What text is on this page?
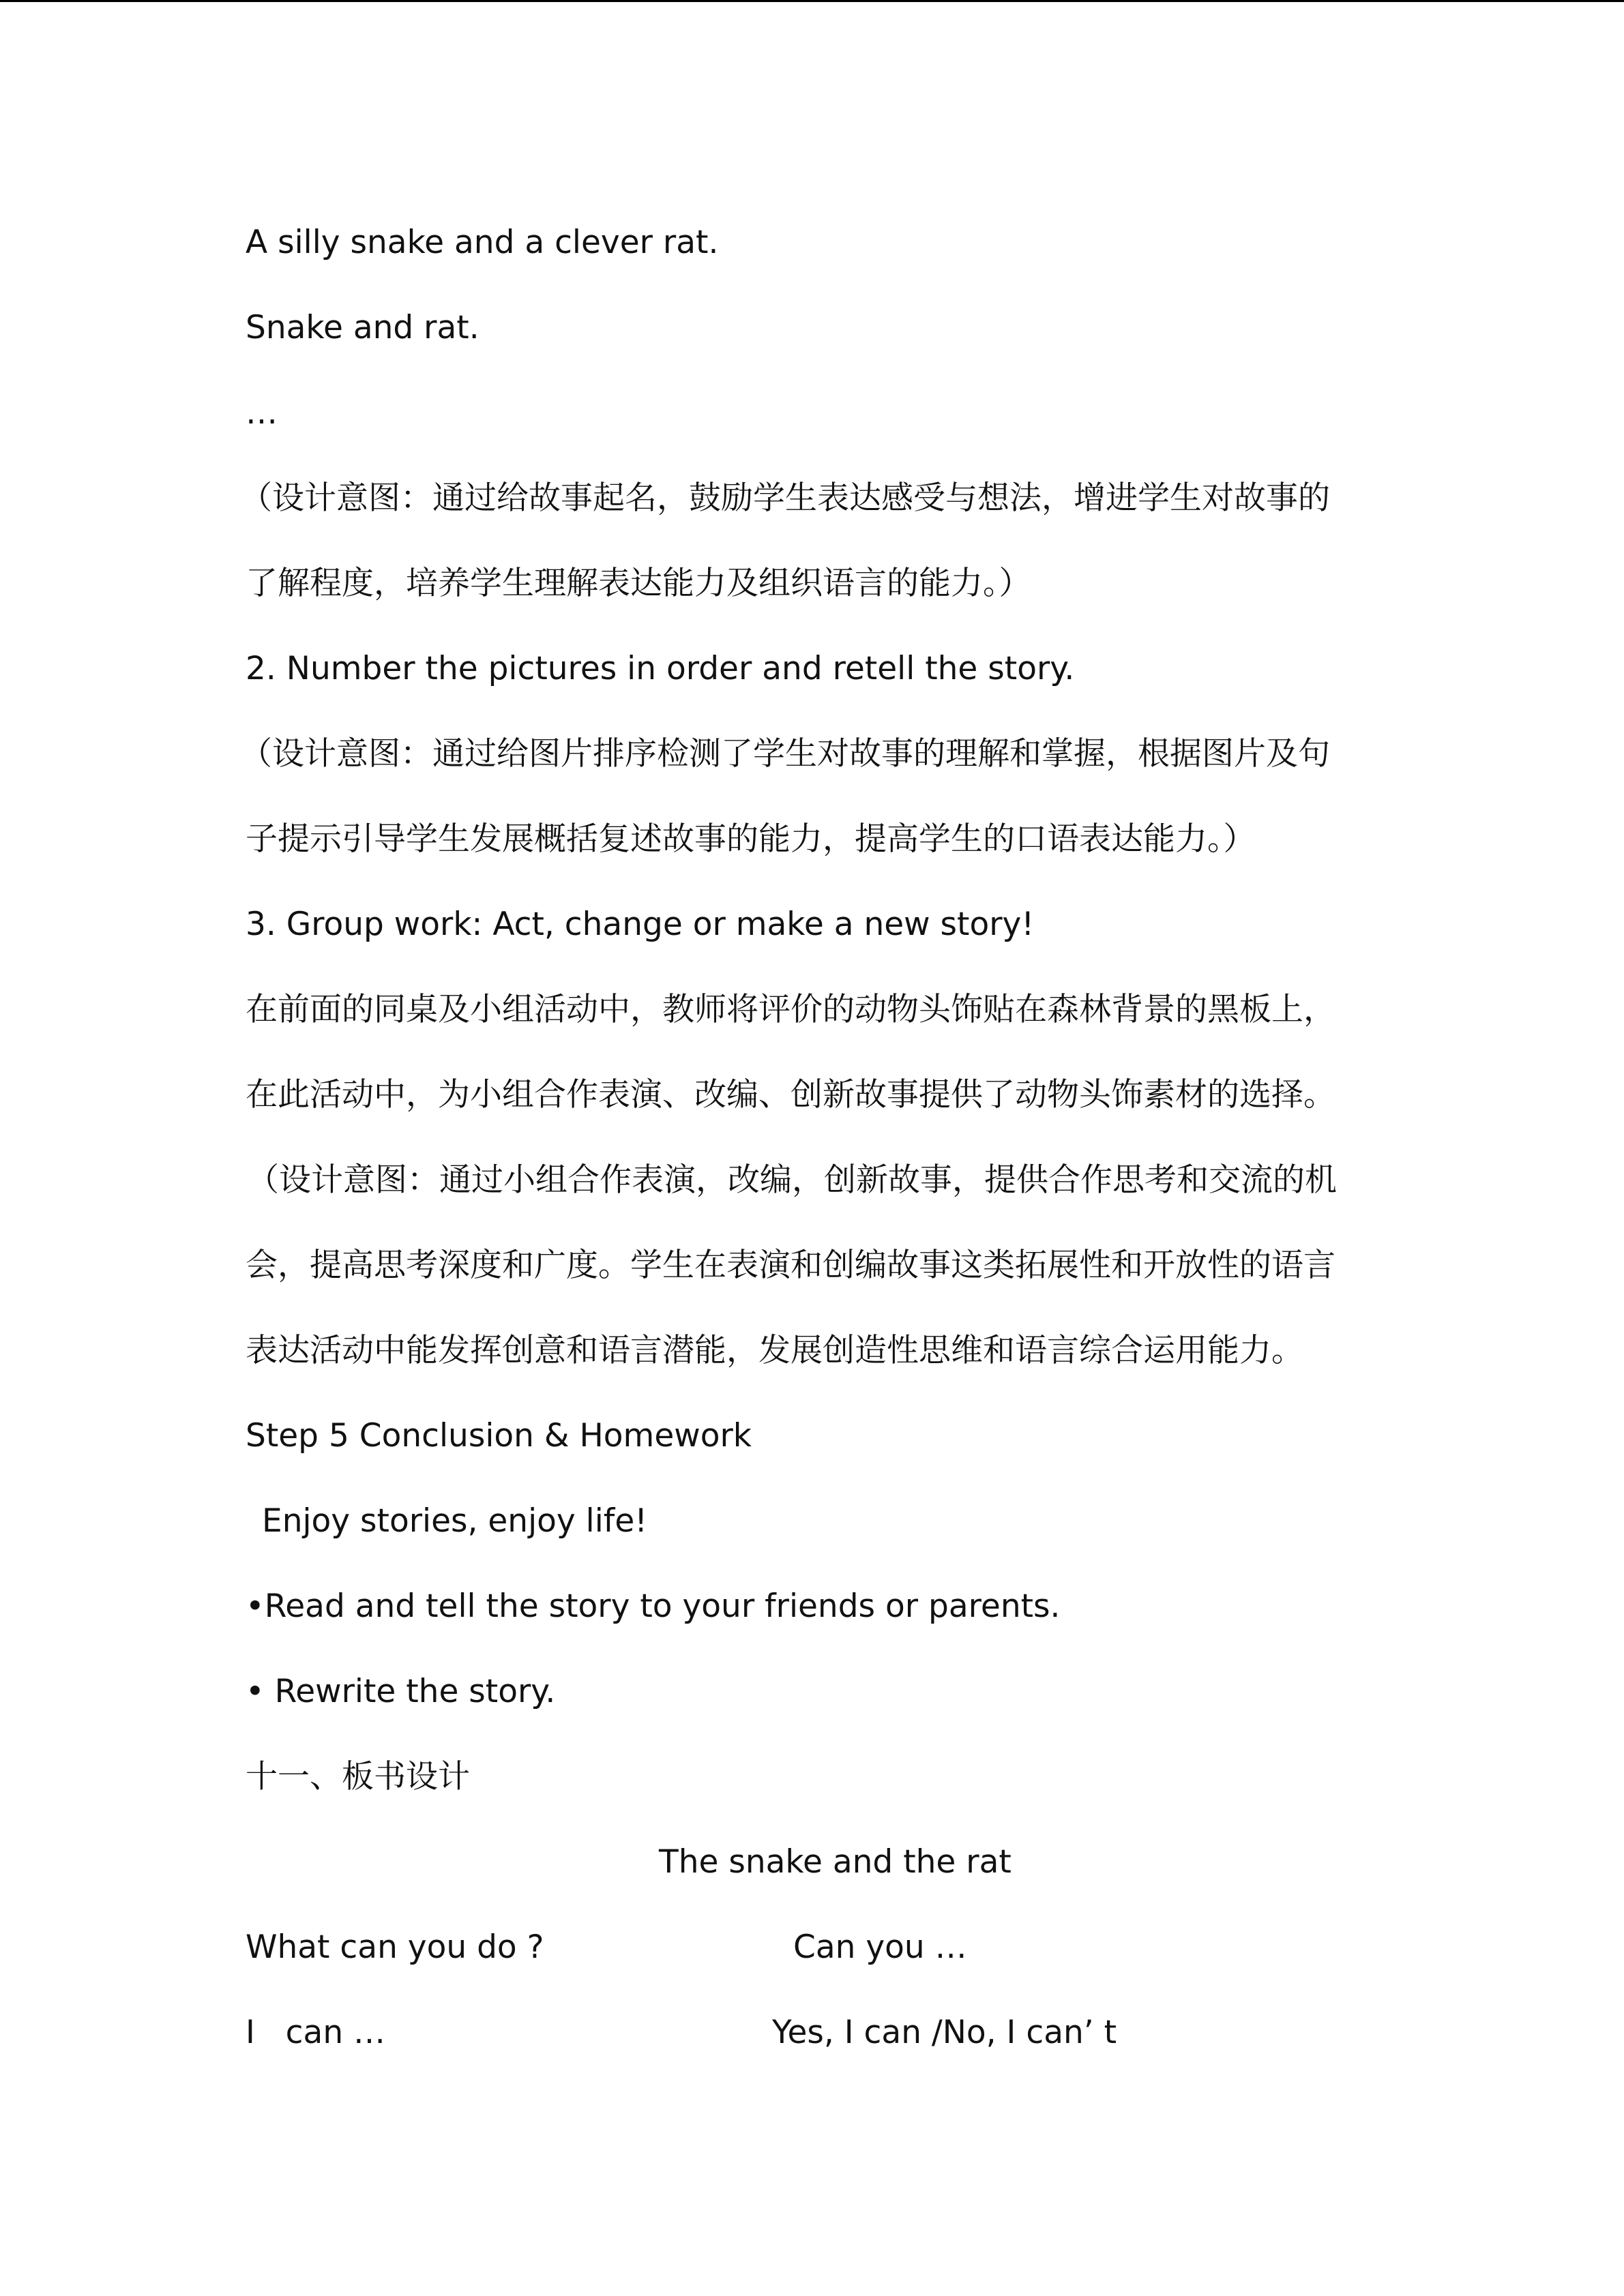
A silly snake and a clever rat.
Snake and rat.
…
（设计意图：通过给故事起名，鼓励学生表达感受与想法，增进学生对故事的
了解程度，培养学生理解表达能力及组织语言的能力。）
2. Number the pictures in order and retell the story.
（设计意图：通过给图片排序检测了学生对故事的理解和掌握，根据图片及句
子提示引导学生发展概括复述故事的能力，提高学生的口语表达能力。）
3. Group work: Act, change or make a new story!
在前面的同桌及小组活动中，教师将评价的动物头饰贴在森林背景的黑板上，
在此活动中，为小组合作表演、改编、创新故事提供了动物头饰素材的选择。
（设计意图：通过小组合作表演，改编，创新故事，提供合作思考和交流的机
会，提高思考深度和广度。学生在表演和创编故事这类拓展性和开放性的语言
表达活动中能发挥创意和语言潜能，发展创造性思维和语言综合运用能力。
Step 5 Conclusion & Homework
Enjoy stories, enjoy life!
•Read and tell the story to your friends or parents.
• Rewrite the story.
十一、板书设计
The snake and the rat
What can you do ?	Can you …
I   can …	Yes, I can /No, I can’ t
